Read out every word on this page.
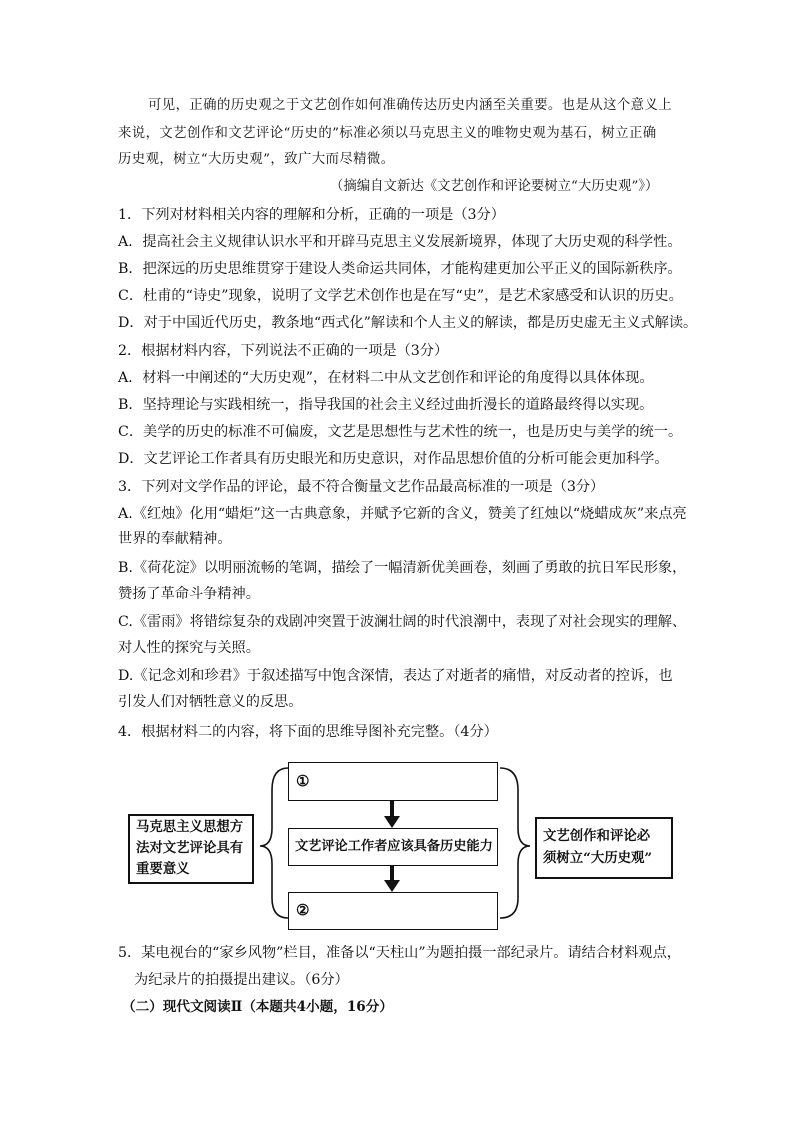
可见，正确的历史观之于文艺创作如何准确传达历史内涵至关重要。也是从这个意义上
来说，文艺创作和文艺评论“历史的”标准必须以马克思主义的唯物史观为基石，树立正确
历史观，树立“大历史观”，致广大而尽精微。
（摘编自文新达《文艺创作和评论要树立“大历史观”》）
1．下列对材料相关内容的理解和分析，正确的一项是（3分）
A．提高社会主义规律认识水平和开辟马克思主义发展新境界，体现了大历史观的科学性。
B．把深远的历史思维贯穿于建设人类命运共同体，才能构建更加公平正义的国际新秩序。
C．杜甫的“诗史”现象，说明了文学艺术创作也是在写“史”，是艺术家感受和认识的历史。
D．对于中国近代历史，教条地“西式化”解读和个人主义的解读，都是历史虚无主义式解读。
2．根据材料内容，下列说法不正确的一项是（3分）
A．材料一中阐述的“大历史观”，在材料二中从文艺创作和评论的角度得以具体体现。
B．坚持理论与实践相统一，指导我国的社会主义经过曲折漫长的道路最终得以实现。
C．美学的历史的标准不可偏废，文艺是思想性与艺术性的统一，也是历史与美学的统一。
D．文艺评论工作者具有历史眼光和历史意识，对作品思想价值的分析可能会更加科学。
3．下列对文学作品的评论，最不符合衡量文艺作品最高标准的一项是（3分）
A.《红烛》化用“蜡炬”这一古典意象，并赋予它新的含义，赞美了红烛以“烧蜡成灰”来点亮
世界的奉献精神。
B.《荷花淀》以明丽流畅的笔调，描绘了一幅清新优美画卷，刻画了勇敢的抗日军民形象，
赞扬了革命斗争精神。
C.《雷雨》将错综复杂的戏剧冲突置于波澜壮阔的时代浪潮中，表现了对社会现实的理解、
对人性的探究与关照。
D.《记念刘和珍君》于叙述描写中饱含深情，表达了对逝者的痛惜，对反动者的控诉，也
引发人们对牺牲意义的反思。
4．根据材料二的内容，将下面的思维导图补充完整。（4分）
马克思主义思想方
法对文艺评论具有
重要意义
①
文艺评论工作者应该具备历史能力
②
文艺创作和评论必
须树立“大历史观”
5．某电视台的“家乡风物”栏目，准备以“天柱山”为题拍摄一部纪录片。请结合材料观点，
为纪录片的拍摄提出建议。（6分）
（二）现代文阅读Ⅱ（本题共4小题，16分）
